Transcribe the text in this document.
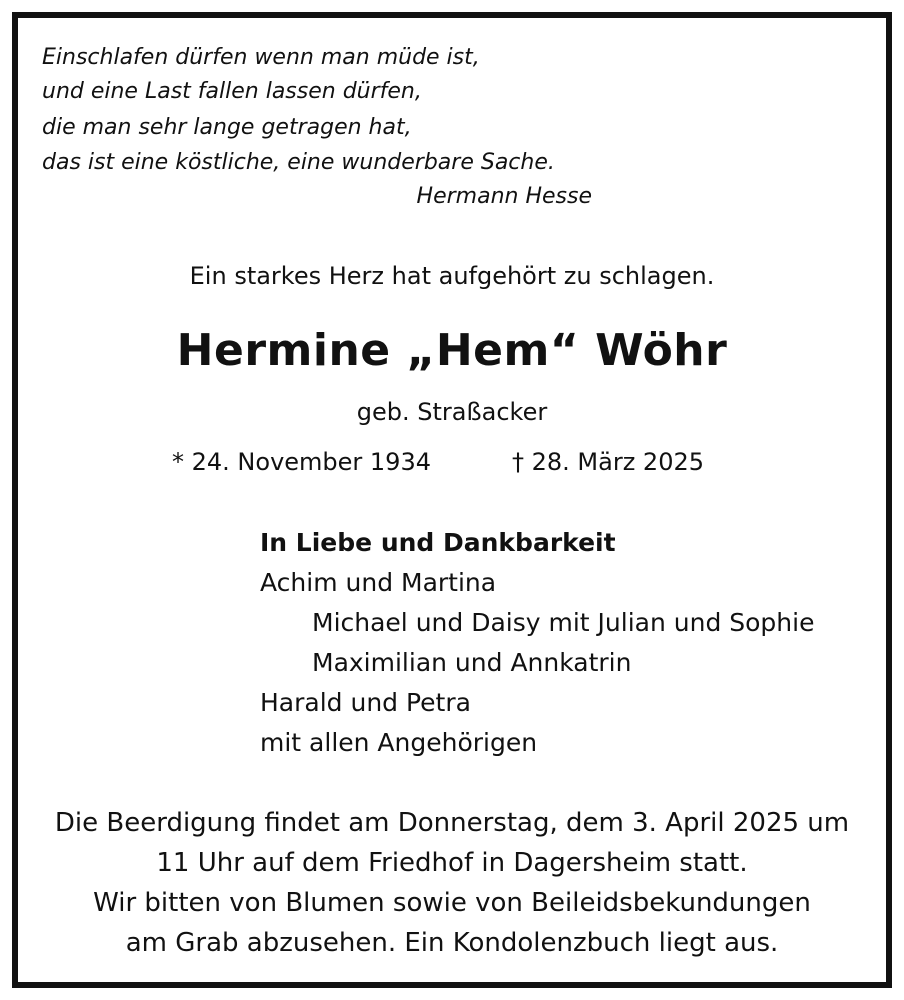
Einschlafen dürfen wenn man müde ist,
und eine Last fallen lassen dürfen,
die man sehr lange getragen hat,
das ist eine köstliche, eine wunderbare Sache.
Hermann Hesse
Ein starkes Herz hat aufgehört zu schlagen.
Hermine „Hem“ Wöhr
geb. Straßacker
* 24. November 1934	† 28. März 2025
In Liebe und Dankbarkeit
Achim und Martina
Michael und Daisy mit Julian und Sophie
Maximilian und Annkatrin
Harald und Petra
mit allen Angehörigen
Die Beerdigung findet am Donnerstag, dem 3. April 2025 um
11 Uhr auf dem Friedhof in Dagersheim statt.
Wir bitten von Blumen sowie von Beileidsbekundungen
am Grab abzusehen. Ein Kondolenzbuch liegt aus.
